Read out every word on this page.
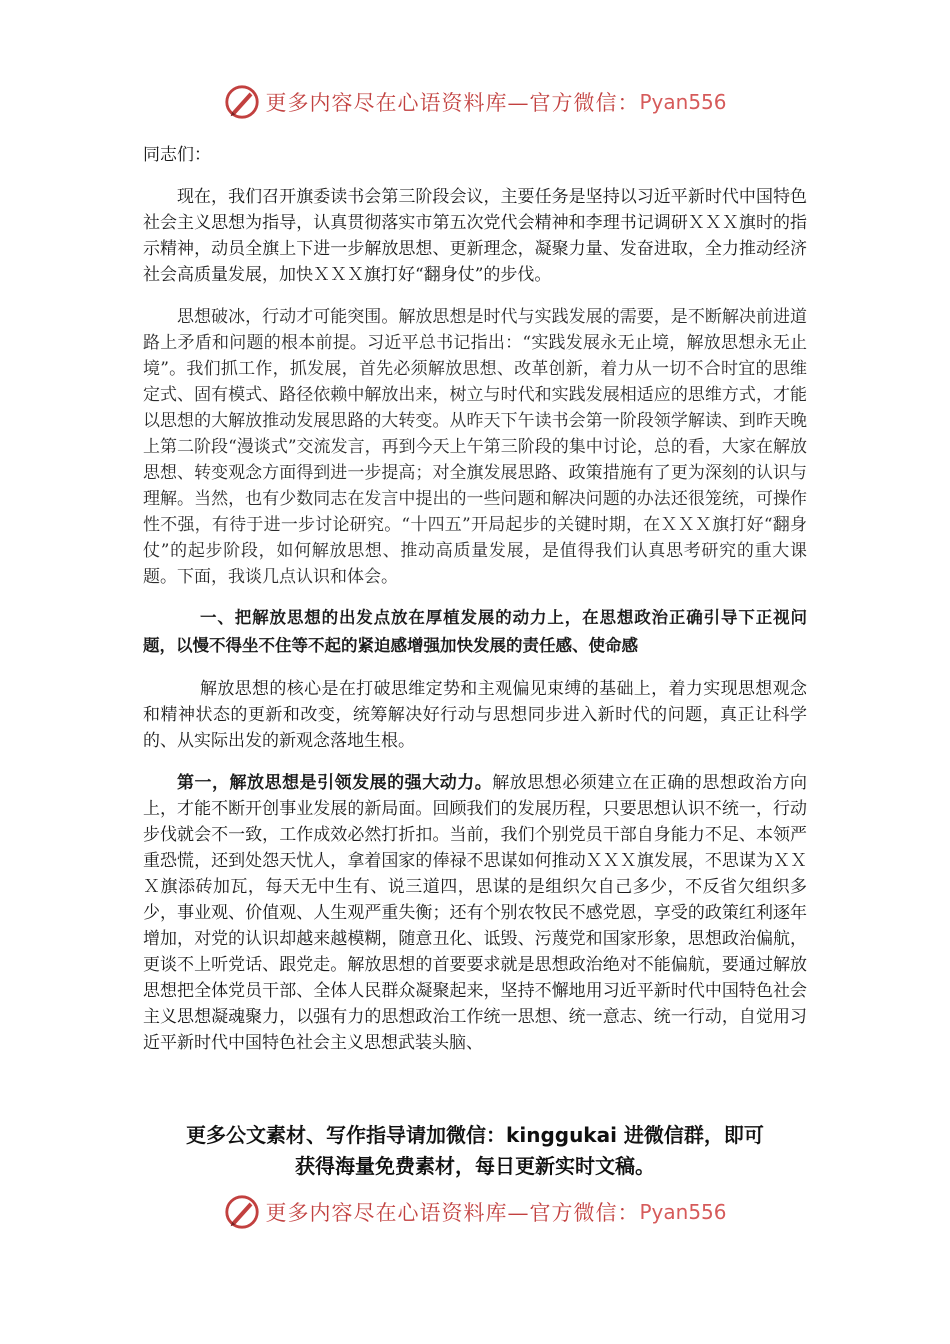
更多内容尽在心语资料库—官方微信： Pyan556

同志们：

现在，我们召开旗委读书会第三阶段会议，主要任务是坚持以习近平新时代中国特色社会主义思想为指导，认真贯彻落实市第五次党代会精神和李理书记调研ＸＸＸ旗时的指示精神，动员全旗上下进一步解放思想、更新理念，凝聚力量、发奋进取，全力推动经济社会高质量发展，加快ＸＸＸ旗打好“翻身仗”的步伐。

思想破冰，行动才可能突围。解放思想是时代与实践发展的需要，是不断解决前进道路上矛盾和问题的根本前提。习近平总书记指出：“实践发展永无止境，解放思想永无止境”。我们抓工作，抓发展，首先必须解放思想、改革创新，着力从一切不合时宜的思维定式、固有模式、路径依赖中解放出来，树立与时代和实践发展相适应的思维方式，才能以思想的大解放推动发展思路的大转变。从昨天下午读书会第一阶段领学解读、到昨天晚上第二阶段“漫谈式”交流发言，再到今天上午第三阶段的集中讨论，总的看，大家在解放思想、转变观念方面得到进一步提高；对全旗发展思路、政策措施有了更为深刻的认识与理解。当然，也有少数同志在发言中提出的一些问题和解决问题的办法还很笼统，可操作性不强，有待于进一步讨论研究。“十四五”开局起步的关键时期，在ＸＸＸ旗打好“翻身仗”的起步阶段，如何解放思想、推动高质量发展，是值得我们认真思考研究的重大课题。下面，我谈几点认识和体会。

一、把解放思想的出发点放在厚植发展的动力上，在思想政治正确引导下正视问题，以慢不得坐不住等不起的紧迫感增强加快发展的责任感、使命感

解放思想的核心是在打破思维定势和主观偏见束缚的基础上，着力实现思想观念和精神状态的更新和改变，统筹解决好行动与思想同步进入新时代的问题，真正让科学的、从实际出发的新观念落地生根。

第一，解放思想是引领发展的强大动力。解放思想必须建立在正确的思想政治方向上，才能不断开创事业发展的新局面。回顾我们的发展历程，只要思想认识不统一，行动步伐就会不一致，工作成效必然打折扣。当前，我们个别党员干部自身能力不足、本领严重恐慌，还到处怨天忧人，拿着国家的俸禄不思谋如何推动ＸＸＸ旗发展，不思谋为ＸＸＸ旗添砖加瓦，每天无中生有、说三道四，思谋的是组织欠自己多少，不反省欠组织多少，事业观、价值观、人生观严重失衡；还有个别农牧民不感党恩，享受的政策红利逐年增加，对党的认识却越来越模糊，随意丑化、诋毁、污蔑党和国家形象，思想政治偏航，更谈不上听党话、跟党走。解放思想的首要要求就是思想政治绝对不能偏航，要通过解放思想把全体党员干部、全体人民群众凝聚起来，坚持不懈地用习近平新时代中国特色社会主义思想凝魂聚力，以强有力的思想政治工作统一思想、统一意志、统一行动，自觉用习近平新时代中国特色社会主义思想武装头脑、

更多公文素材、写作指导请加微信：kinggukai 进微信群，即可
获得海量免费素材，每日更新实时文稿。
更多内容尽在心语资料库—官方微信： Pyan556
